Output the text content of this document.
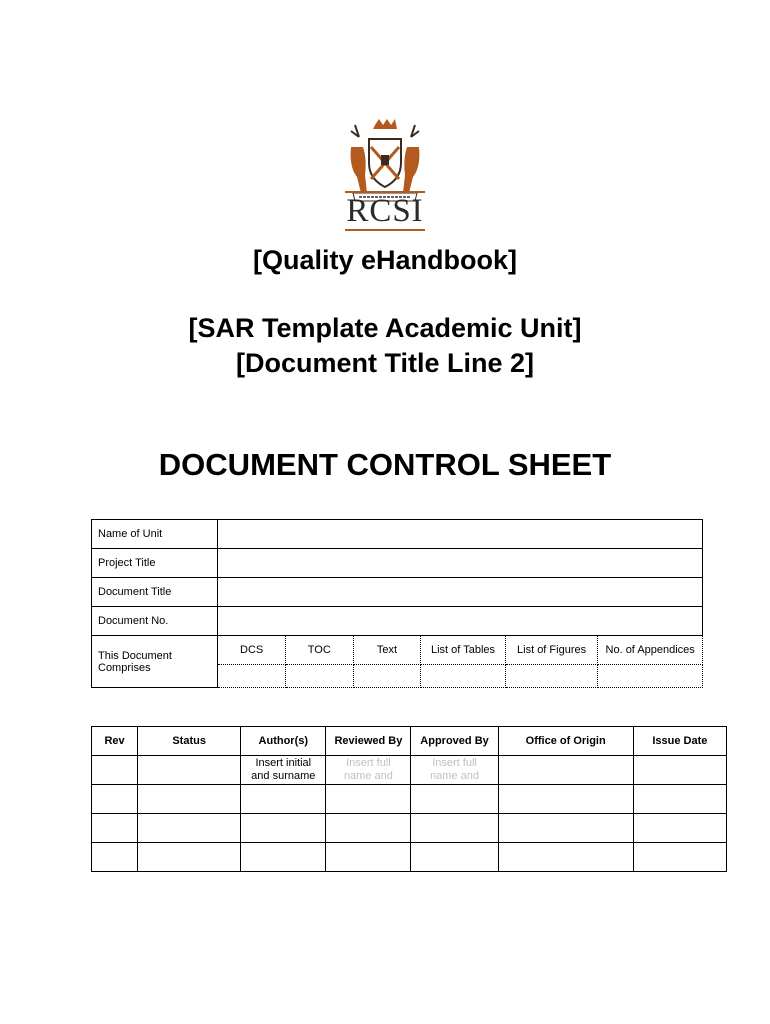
RCSI
[Quality eHandbook]
[SAR Template Academic Unit]
[Document Title Line 2]
DOCUMENT CONTROL SHEET
Name of Unit						
Project Title						
Document Title						
Document No.						
This Document Comprises	DCS	TOC	Text	List of Tables	List of Figures	No. of Appendices

Rev	Status	Author(s)	Reviewed By	Approved By	Office of Origin	Issue Date

		Insert initial and surname	Insert full name and	Insert full name and		
